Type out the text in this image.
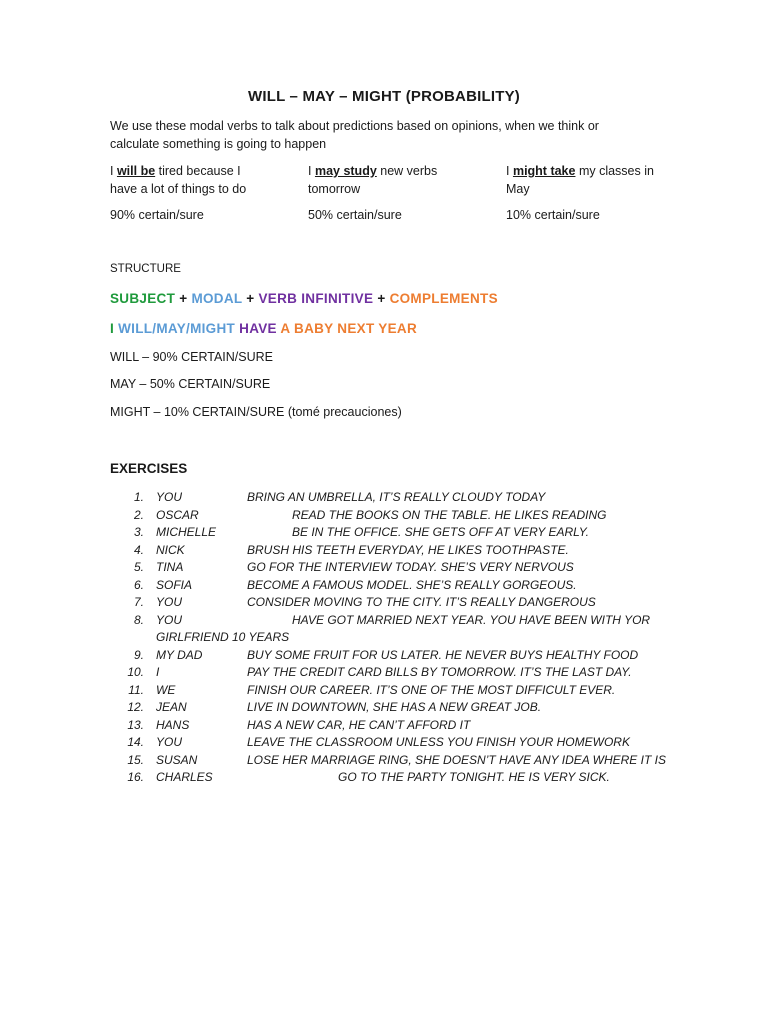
WILL – MAY – MIGHT (PROBABILITY)
We use these modal verbs to talk about predictions based on opinions, when we think or calculate something is going to happen
I will be tired because I have a lot of things to do
I may study new verbs tomorrow
I might take my classes in May
90% certain/sure	50% certain/sure	10% certain/sure
STRUCTURE
SUBJECT + MODAL + VERB INFINITIVE + COMPLEMENTS
I WILL/MAY/MIGHT HAVE A BABY NEXT YEAR
WILL – 90% CERTAIN/SURE
MAY – 50% CERTAIN/SURE
MIGHT – 10% CERTAIN/SURE (tomé precauciones)
EXERCISES
1. YOU	BRING AN UMBRELLA, IT’S REALLY CLOUDY TODAY
2. OSCAR	READ THE BOOKS ON THE TABLE. HE LIKES READING
3. MICHELLE	BE IN THE OFFICE. SHE GETS OFF AT VERY EARLY.
4. NICK	BRUSH HIS TEETH EVERYDAY, HE LIKES TOOTHPASTE.
5. TINA	GO FOR THE INTERVIEW TODAY. SHE’S VERY NERVOUS
6. SOFIA	BECOME A FAMOUS MODEL. SHE’S REALLY GORGEOUS.
7. YOU	CONSIDER MOVING TO THE CITY. IT’S REALLY DANGEROUS
8. YOU	HAVE GOT MARRIED NEXT YEAR. YOU HAVE BEEN WITH YOR
GIRLFRIEND 10 YEARS
9. MY DAD	BUY SOME FRUIT FOR US LATER. HE NEVER BUYS HEALTHY FOOD
10. I	PAY THE CREDIT CARD BILLS BY TOMORROW. IT’S THE LAST DAY.
11. WE	FINISH OUR CAREER. IT’S ONE OF THE MOST DIFFICULT EVER.
12. JEAN	LIVE IN DOWNTOWN, SHE HAS A NEW GREAT JOB.
13. HANS	HAS A NEW CAR, HE CAN’T AFFORD IT
14. YOU	LEAVE THE CLASSROOM UNLESS YOU FINISH YOUR HOMEWORK
15. SUSAN	LOSE HER MARRIAGE RING, SHE DOESN’T HAVE ANY IDEA WHERE IT IS
16. CHARLES	GO TO THE PARTY TONIGHT. HE IS VERY SICK.
